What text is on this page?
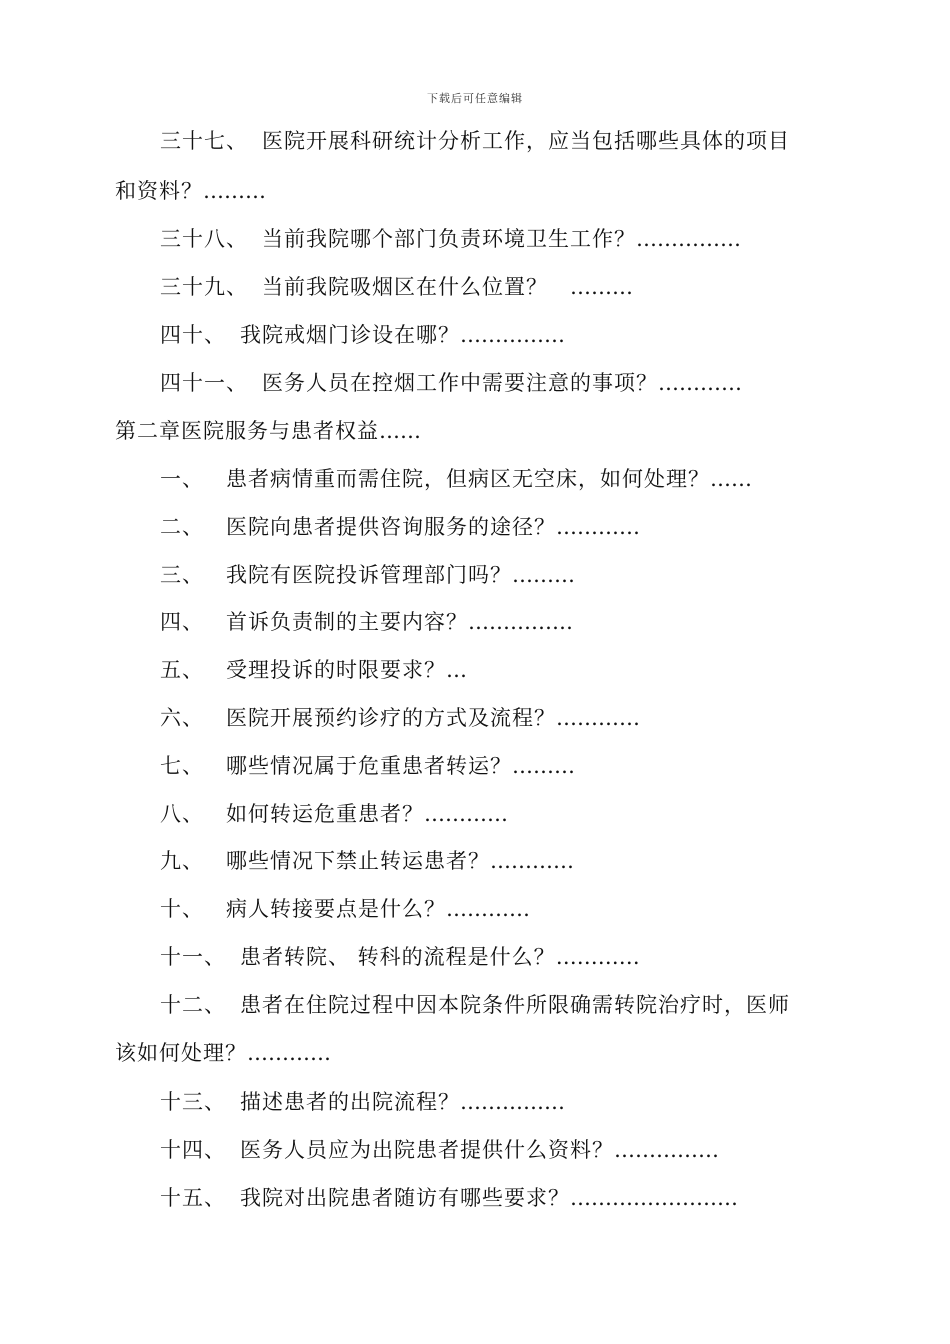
下载后可任意编辑
三十七、 医院开展科研统计分析工作，应当包括哪些具体的项目
和资料？………
三十八、 当前我院哪个部门负责环境卫生工作？……………
三十九、 当前我院吸烟区在什么位置？ ………
四十、 我院戒烟门诊设在哪？……………
四十一、 医务人员在控烟工作中需要注意的事项？…………
第二章医院服务与患者权益……
一、 患者病情重而需住院，但病区无空床，如何处理？……
二、 医院向患者提供咨询服务的途径？…………
三、 我院有医院投诉管理部门吗？………
四、 首诉负责制的主要内容？……………
五、 受理投诉的时限要求？…
六、 医院开展预约诊疗的方式及流程？…………
七、 哪些情况属于危重患者转运？………
八、 如何转运危重患者？…………
九、 哪些情况下禁止转运患者？…………
十、 病人转接要点是什么？…………
十一、 患者转院、 转科的流程是什么？…………
十二、 患者在住院过程中因本院条件所限确需转院治疗时，医师
该如何处理？…………
十三、 描述患者的出院流程？……………
十四、 医务人员应为出院患者提供什么资料？……………
十五、 我院对出院患者随访有哪些要求？……………………
